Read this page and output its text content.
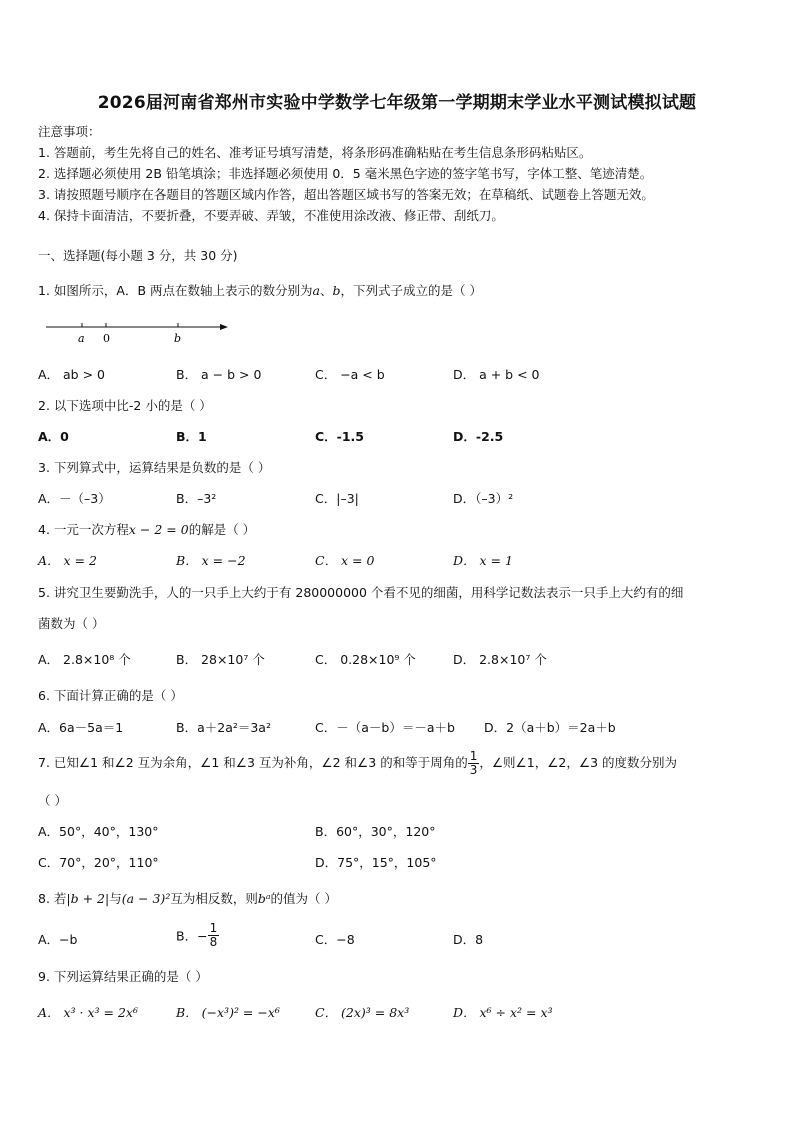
2026届河南省郑州市实验中学数学七年级第一学期期末学业水平测试模拟试题
注意事项：
1. 答题前，考生先将自己的姓名、准考证号填写清楚，将条形码准确粘贴在考生信息条形码粘贴区。
2. 选择题必须使用 2B 铅笔填涂；非选择题必须使用 0．5 毫米黑色字迹的签字笔书写，字体工整、笔迹清楚。
3. 请按照题号顺序在各题目的答题区域内作答，超出答题区域书写的答案无效；在草稿纸、试题卷上答题无效。
4. 保持卡面清洁，不要折叠，不要弄破、弄皱，不准使用涂改液、修正带、刮纸刀。
一、选择题(每小题 3 分，共 30 分)
1. 如图所示，A．B 两点在数轴上表示的数分别为a、b，下列式子成立的是（ ）
a 0	b
A． ab > 0	B． a − b > 0	C． −a < b	D． a + b < 0
2. 以下选项中比-2 小的是（ ）
A．0	B．1	C．-1.5	D．-2.5
3. 下列算式中，运算结果是负数的是（ ）
A．－（–3）	B．–3²	C．|–3|	D．（–3）²
4. 一元一次方程x − 2 = 0的解是（ ）
A． x = 2	B． x = −2	C． x = 0	D． x = 1
5. 讲究卫生要勤洗手，人的一只手上大约于有 280000000 个看不见的细菌，用科学记数法表示一只手上大约有的细
菌数为（ ）
A． 2.8×10⁸ 个	B． 28×10⁷ 个	C． 0.28×10⁹ 个	D． 2.8×10⁷ 个
6. 下面计算正确的是（ ）
A．6a－5a＝1	B．a＋2a²＝3a²	C．－（a－b）＝－a＋b D．2（a＋b）＝2a＋b
7. 已知∠1 和∠2 互为余角，∠1 和∠3 互为补角，∠2 和∠3 的和等于周角的 $\frac{1}{3}$ ，∠则∠1，∠2，∠3 的度数分别为
（ ）
A．50°，40°，130°	B．60°，30°，120°
C．70°，20°，110°	D．75°，15°，105°
8. 若|b + 2|与(a − 3)²互为相反数，则bᵃ的值为（ ）
A．−b	B．− $\frac{1}{8}$	C．−8	D．8
9. 下列运算结果正确的是（ ）
A． x³ · x³ = 2x⁶	B． (−x³)² = −x⁶	C． (2x)³ = 8x³	D． x⁶ ÷ x² = x³
